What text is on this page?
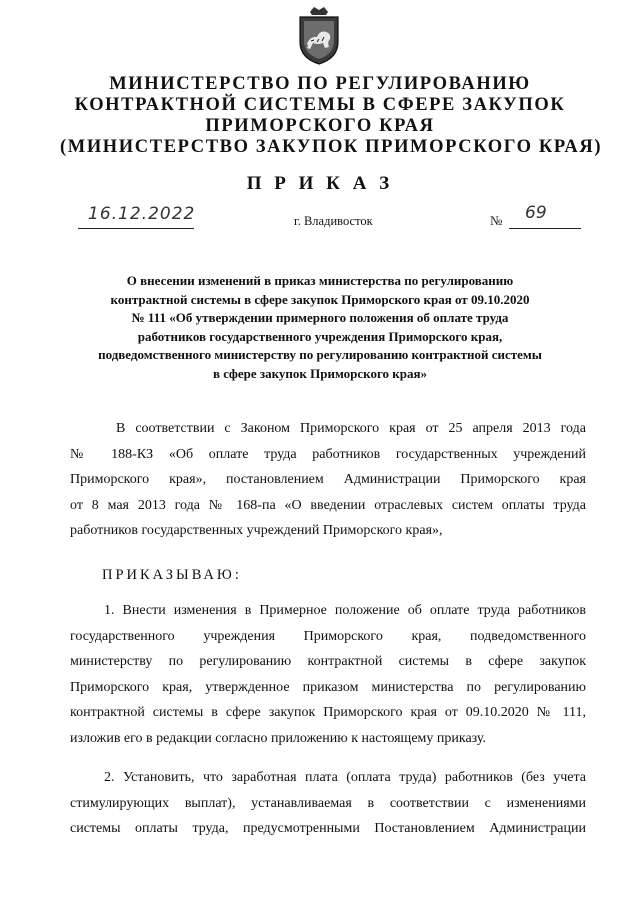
МИНИСТЕРСТВО ПО РЕГУЛИРОВАНИЮ
КОНТРАКТНОЙ СИСТЕМЫ В СФЕРЕ ЗАКУПОК
ПРИМОРСКОГО КРАЯ
(МИНИСТЕРСТВО ЗАКУПОК ПРИМОРСКОГО КРАЯ)
П Р И К А З
16.12.2022	г. Владивосток	№ 69
О внесении изменений в приказ министерства по регулированию
контрактной системы в сфере закупок Приморского края от 09.10.2020
№ 111 «Об утверждении примерного положения об оплате труда
работников государственного учреждения Приморского края,
подведомственного министерству по регулированию контрактной системы
в сфере закупок Приморского края»
В соответствии с Законом Приморского края от 25 апреля 2013 года
№ 188-КЗ «Об оплате труда работников государственных учреждений
Приморского края», постановлением Администрации Приморского края
от 8 мая 2013 года № 168-па «О введении отраслевых систем оплаты труда
работников государственных учреждений Приморского края»,
ПРИКАЗЫВАЮ:
1. Внести изменения в Примерное положение об оплате труда работников
государственного учреждения Приморского края, подведомственного
министерству по регулированию контрактной системы в сфере закупок
Приморского края, утвержденное приказом министерства по регулированию
контрактной системы в сфере закупок Приморского края от 09.10.2020 № 111,
изложив его в редакции согласно приложению к настоящему приказу.
2. Установить, что заработная плата (оплата труда) работников (без учета
стимулирующих выплат), устанавливаемая в соответствии с изменениями
системы оплаты труда, предусмотренными Постановлением Администрации
